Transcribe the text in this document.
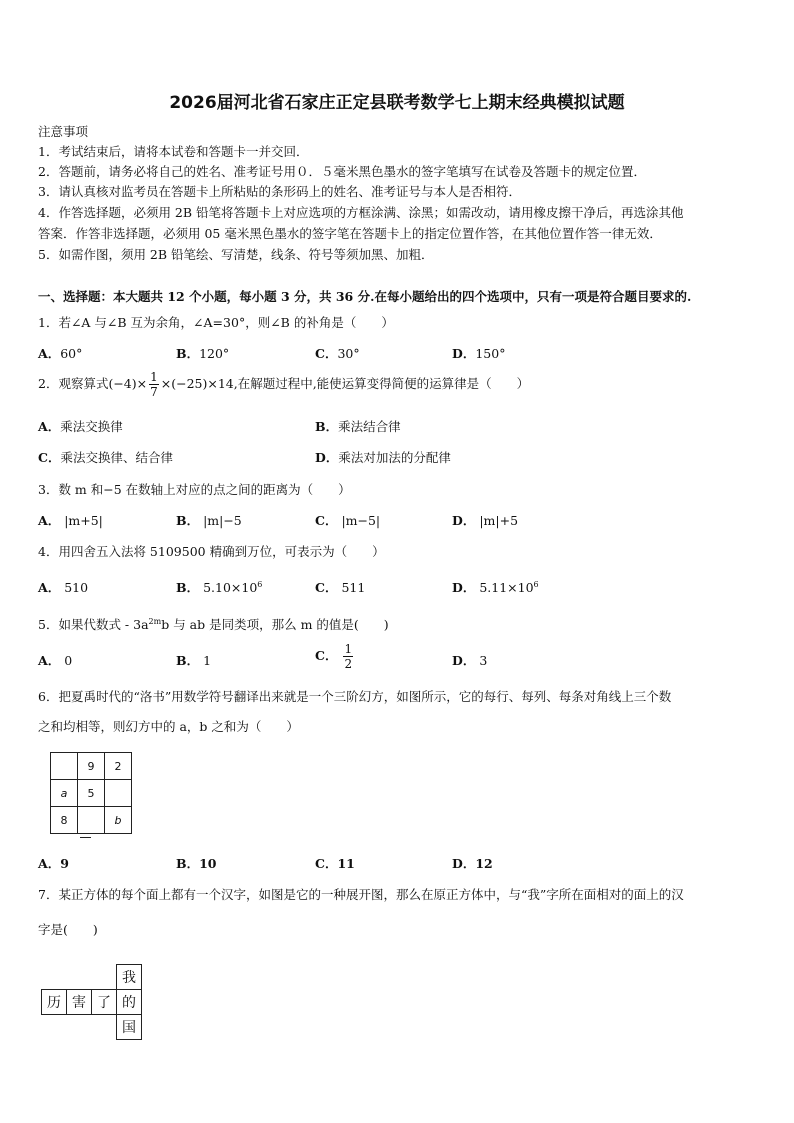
2026届河北省石家庄正定县联考数学七上期末经典模拟试题
注意事项
1．考试结束后，请将本试卷和答题卡一并交回．
2．答题前，请务必将自己的姓名、准考证号用０．５毫米黑色墨水的签字笔填写在试卷及答题卡的规定位置．
3．请认真核对监考员在答题卡上所粘贴的条形码上的姓名、准考证号与本人是否相符．
4．作答选择题，必须用 2B 铅笔将答题卡上对应选项的方框涂满、涂黑；如需改动，请用橡皮擦干净后，再选涂其他
答案．作答非选择题，必须用 05 毫米黑色墨水的签字笔在答题卡上的指定位置作答，在其他位置作答一律无效．
5．如需作图，须用 2B 铅笔绘、写清楚，线条、符号等须加黑、加粗．
一、选择题：本大题共 12 个小题，每小题 3 分，共 36 分.在每小题给出的四个选项中，只有一项是符合题目要求的.
1．若∠A 与∠B 互为余角，∠A=30°，则∠B 的补角是（　　）
A．60°	B．120°	C．30°	D．150°
2．观察算式$(-4)\times \frac{1}{7} \times(-25)\times 14$,在解题过程中,能使运算变得简便的运算律是（　　）
A．乘法交换律	B．乘法结合律
C．乘法交换律、结合律	D．乘法对加法的分配律
3．数 m 和−5 在数轴上对应的点之间的距离为（　　）
A． |m+5|	B． |m|−5	C． |m−5|	D． |m|+5
4．用四舍五入法将 5109500 精确到万位，可表示为（　　）
A． 510	B． $5.10\times 10^6$	C． 511	D． $5.11\times 10^6$
5．如果代数式 - $3a^{2m}b$ 与 ab 是同类项，那么 m 的值是(　　)
A． 0	B． 1	C． $\frac{1}{2}$	D． 3
6．把夏禹时代的“洛书”用数学符号翻译出来就是一个三阶幻方，如图所示，它的每行、每列、每条对角线上三个数
之和均相等，则幻方中的 a，b 之和为（　　）
	9	2
a	5	
8		b
A．9	B．10	C．11	D．12
7．某正方体的每个面上都有一个汉字，如图是它的一种展开图，那么在原正方体中，与“我”字所在面相对的面上的汉
字是(　　)
			我
历	害	了	的
			国
